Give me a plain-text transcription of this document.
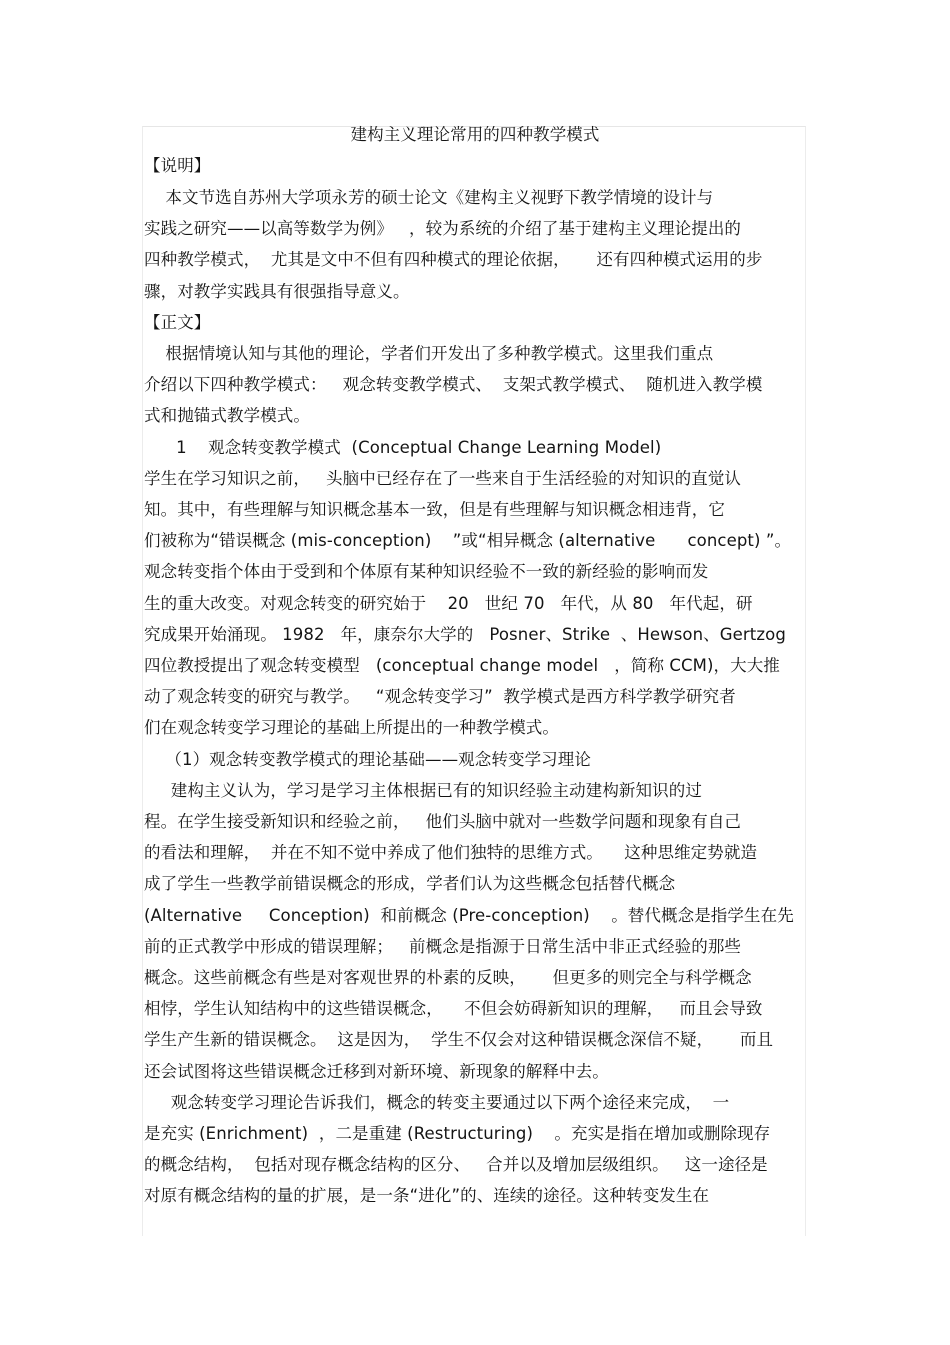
建构主义理论常用的四种教学模式
【说明】
本文节选自苏州大学项永芳的硕士论文《建构主义视野下教学情境的设计与
实践之研究——以高等数学为例》   ，较为系统的介绍了基于建构主义理论提出的
四种教学模式，  尤其是文中不但有四种模式的理论依据，     还有四种模式运用的步
骤，对教学实践具有很强指导意义。
【正文】
根据情境认知与其他的理论，学者们开发出了多种教学模式。这里我们重点
介绍以下四种教学模式：   观念转变教学模式、  支架式教学模式、  随机进入教学模
式和抛锚式教学模式。
1    观念转变教学模式  (Conceptual Change Learning Model)
学生在学习知识之前，   头脑中已经存在了一些来自于生活经验的对知识的直觉认
知。其中，有些理解与知识概念基本一致，但是有些理解与知识概念相违背，它
们被称为“错误概念 (mis-conception)    ”或“相异概念 (alternative      concept) ”。
观念转变指个体由于受到和个体原有某种知识经验不一致的新经验的影响而发
生的重大改变。对观念转变的研究始于    20   世纪 70   年代，从 80   年代起，研
究成果开始涌现。 1982   年，康奈尔大学的   Posner、Strike  、Hewson、Gertzog
四位教授提出了观念转变模型   (conceptual change model   ，简称 CCM)，大大推
动了观念转变的研究与教学。   “观念转变学习”  教学模式是西方科学教学研究者
们在观念转变学习理论的基础上所提出的一种教学模式。
（1）观念转变教学模式的理论基础——观念转变学习理论
建构主义认为，学习是学习主体根据已有的知识经验主动建构新知识的过
程。在学生接受新知识和经验之前，   他们头脑中就对一些数学问题和现象有自己
的看法和理解，  并在不知不觉中养成了他们独特的思维方式。    这种思维定势就造
成了学生一些教学前错误概念的形成，学者们认为这些概念包括替代概念
(Alternative     Conception)  和前概念 (Pre-conception)    。替代概念是指学生在先
前的正式教学中形成的错误理解；   前概念是指源于日常生活中非正式经验的那些
概念。这些前概念有些是对客观世界的朴素的反映，     但更多的则完全与科学概念
相悖，学生认知结构中的这些错误概念，    不但会妨碍新知识的理解，   而且会导致
学生产生新的错误概念。  这是因为，  学生不仅会对这种错误概念深信不疑，     而且
还会试图将这些错误概念迁移到对新环境、新现象的解释中去。
观念转变学习理论告诉我们，概念的转变主要通过以下两个途径来完成，  一
是充实 (Enrichment)  ，二是重建 (Restructuring)    。充实是指在增加或删除现存
的概念结构，  包括对现存概念结构的区分、   合并以及增加层级组织。   这一途径是
对原有概念结构的量的扩展，是一条“进化”的、连续的途径。这种转变发生在
